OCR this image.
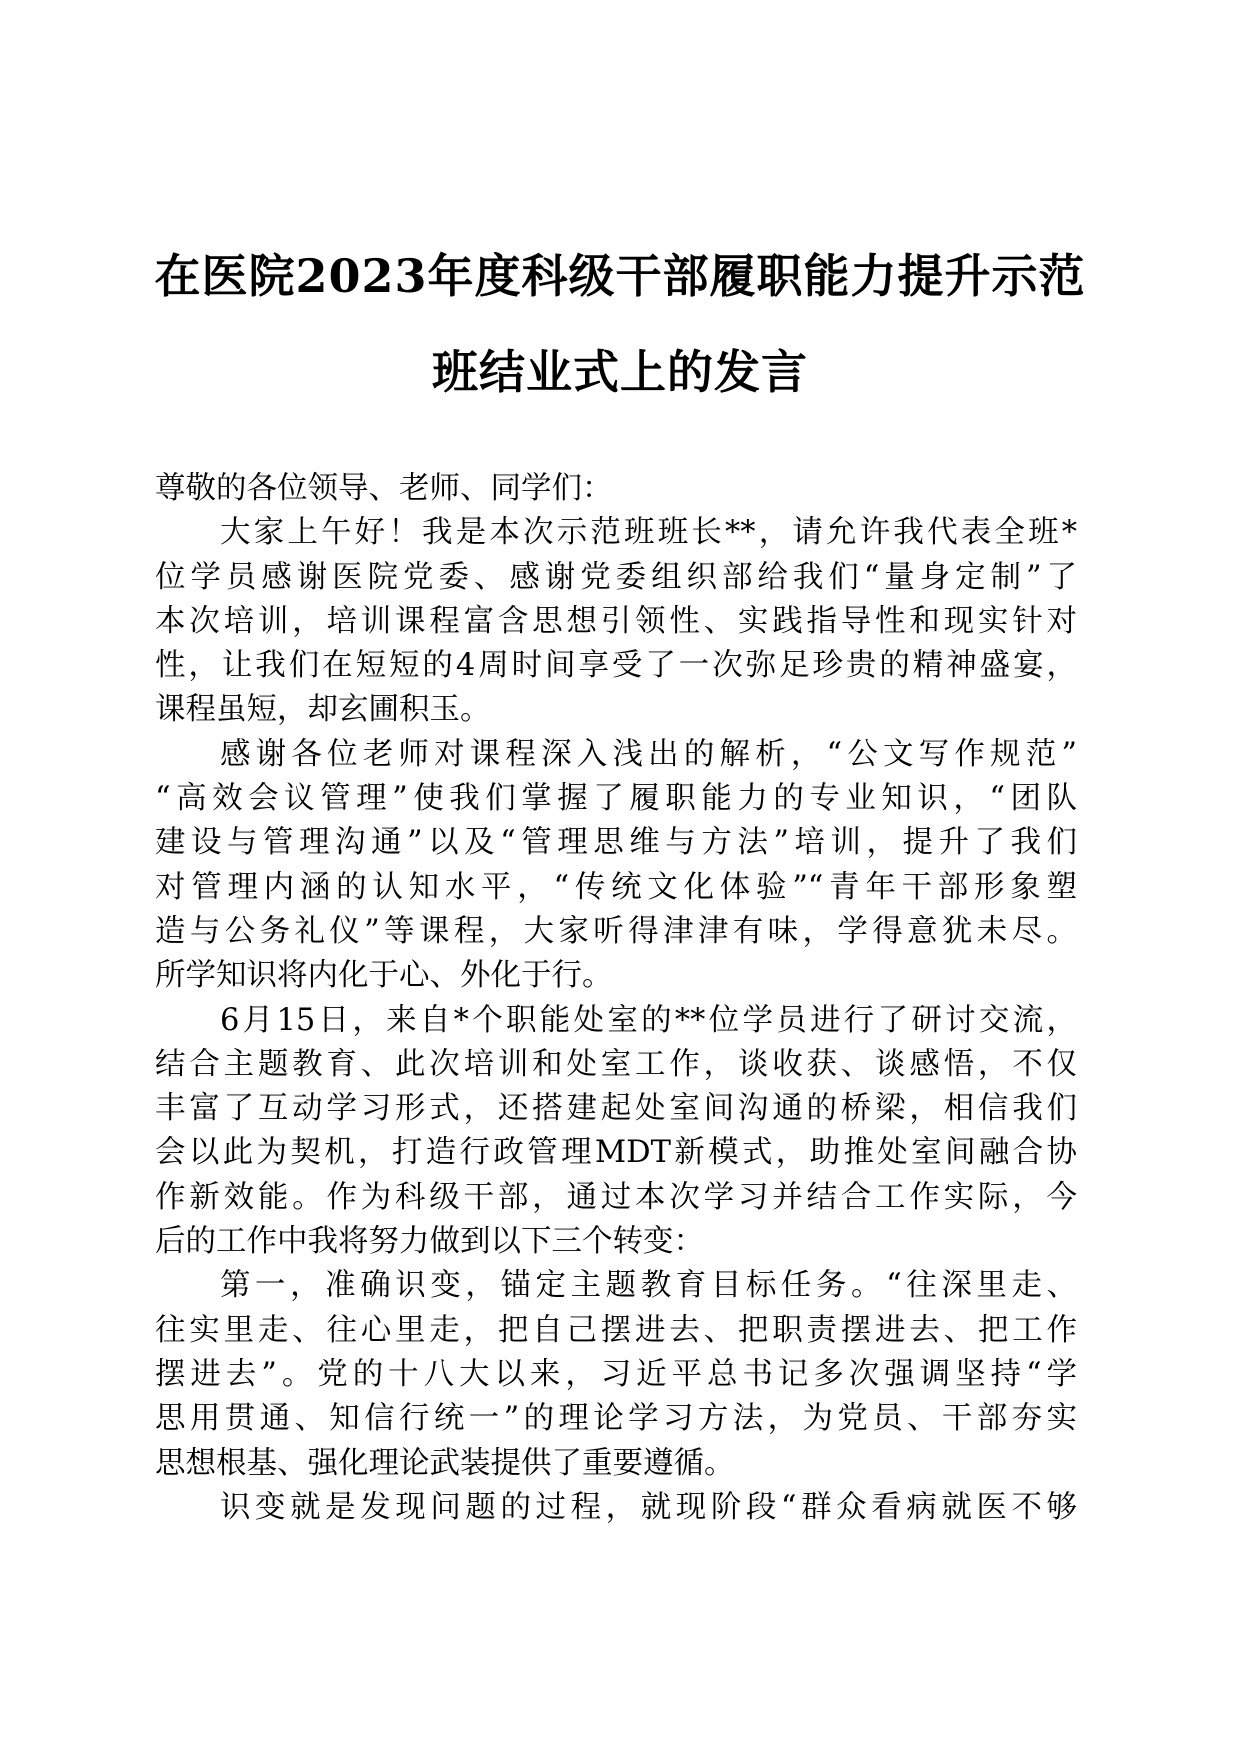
在医院2023年度科级干部履职能力提升示范
班结业式上的发言
尊敬的各位领导、老师、同学们：
大家上午好！我是本次示范班班长**，请允许我代表全班*
位学员感谢医院党委、感谢党委组织部给我们“量身定制”了
本次培训，培训课程富含思想引领性、实践指导性和现实针对
性，让我们在短短的4周时间享受了一次弥足珍贵的精神盛宴，
课程虽短，却玄圃积玉。
感谢各位老师对课程深入浅出的解析，“公文写作规范”
“高效会议管理”使我们掌握了履职能力的专业知识，“团队
建设与管理沟通”以及“管理思维与方法”培训，提升了我们
对管理内涵的认知水平，“传统文化体验”“青年干部形象塑
造与公务礼仪”等课程，大家听得津津有味，学得意犹未尽。
所学知识将内化于心、外化于行。
6月15日，来自*个职能处室的**位学员进行了研讨交流，
结合主题教育、此次培训和处室工作，谈收获、谈感悟，不仅
丰富了互动学习形式，还搭建起处室间沟通的桥梁，相信我们
会以此为契机，打造行政管理MDT新模式，助推处室间融合协
作新效能。作为科级干部，通过本次学习并结合工作实际，今
后的工作中我将努力做到以下三个转变：
第一，准确识变，锚定主题教育目标任务。“往深里走、
往实里走、往心里走，把自己摆进去、把职责摆进去、把工作
摆进去”。党的十八大以来，习近平总书记多次强调坚持“学
思用贯通、知信行统一”的理论学习方法，为党员、干部夯实
思想根基、强化理论武装提供了重要遵循。
识变就是发现问题的过程，就现阶段“群众看病就医不够
